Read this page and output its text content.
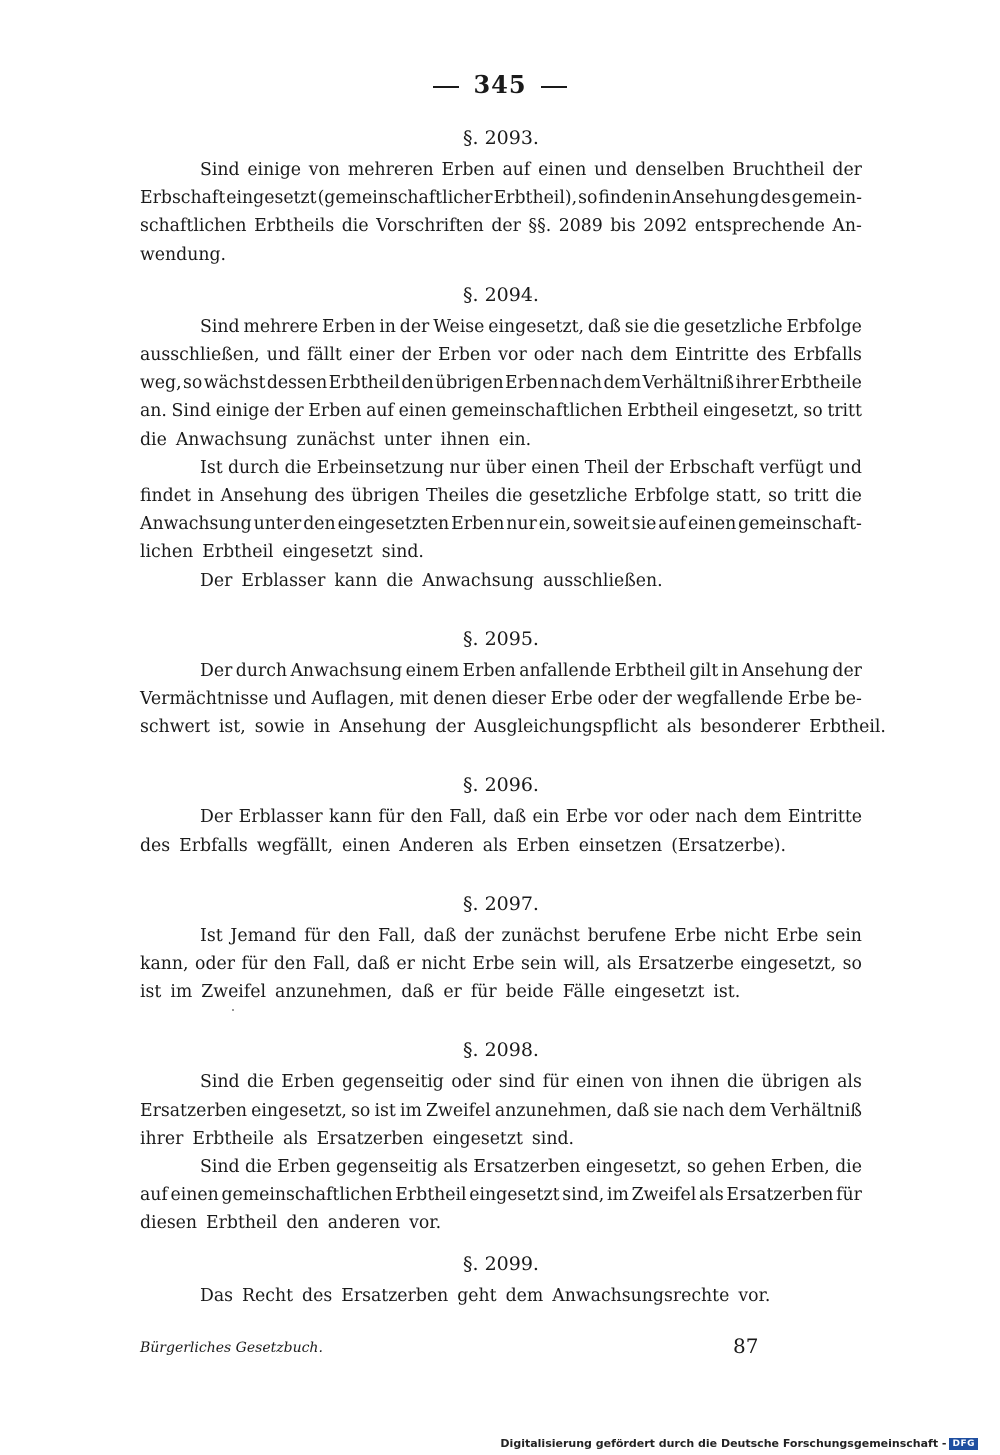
345
§. 2093.
Sind einige von mehreren Erben auf einen und denselben Bruchtheil der
Erbschaft eingesetzt (gemeinschaftlicher Erbtheil), so finden in Ansehung des gemein-
schaftlichen Erbtheils die Vorschriften der §§. 2089 bis 2092 entsprechende An-
wendung.
§. 2094.
Sind mehrere Erben in der Weise eingesetzt, daß sie die gesetzliche Erbfolge
ausschließen, und fällt einer der Erben vor oder nach dem Eintritte des Erbfalls
weg, so wächst dessen Erbtheil den übrigen Erben nach dem Verhältniß ihrer Erbtheile
an. Sind einige der Erben auf einen gemeinschaftlichen Erbtheil eingesetzt, so tritt
die Anwachsung zunächst unter ihnen ein.
Ist durch die Erbeinsetzung nur über einen Theil der Erbschaft verfügt und
findet in Ansehung des übrigen Theiles die gesetzliche Erbfolge statt, so tritt die
Anwachsung unter den eingesetzten Erben nur ein, soweit sie auf einen gemeinschaft-
lichen Erbtheil eingesetzt sind.
Der Erblasser kann die Anwachsung ausschließen.
§. 2095.
Der durch Anwachsung einem Erben anfallende Erbtheil gilt in Ansehung der
Vermächtnisse und Auflagen, mit denen dieser Erbe oder der wegfallende Erbe be-
schwert ist, sowie in Ansehung der Ausgleichungspflicht als besonderer Erbtheil.
§. 2096.
Der Erblasser kann für den Fall, daß ein Erbe vor oder nach dem Eintritte
des Erbfalls wegfällt, einen Anderen als Erben einsetzen (Ersatzerbe).
§. 2097.
Ist Jemand für den Fall, daß der zunächst berufene Erbe nicht Erbe sein
kann, oder für den Fall, daß er nicht Erbe sein will, als Ersatzerbe eingesetzt, so
ist im Zweifel anzunehmen, daß er für beide Fälle eingesetzt ist.
§. 2098.
Sind die Erben gegenseitig oder sind für einen von ihnen die übrigen als
Ersatzerben eingesetzt, so ist im Zweifel anzunehmen, daß sie nach dem Verhältniß
ihrer Erbtheile als Ersatzerben eingesetzt sind.
Sind die Erben gegenseitig als Ersatzerben eingesetzt, so gehen Erben, die
auf einen gemeinschaftlichen Erbtheil eingesetzt sind, im Zweifel als Ersatzerben für
diesen Erbtheil den anderen vor.
§. 2099.
Das Recht des Ersatzerben geht dem Anwachsungsrechte vor.
Bürgerliches Gesetzbuch.	87
Digitalisierung gefördert durch die Deutsche Forschungsgemeinschaft - DFG
